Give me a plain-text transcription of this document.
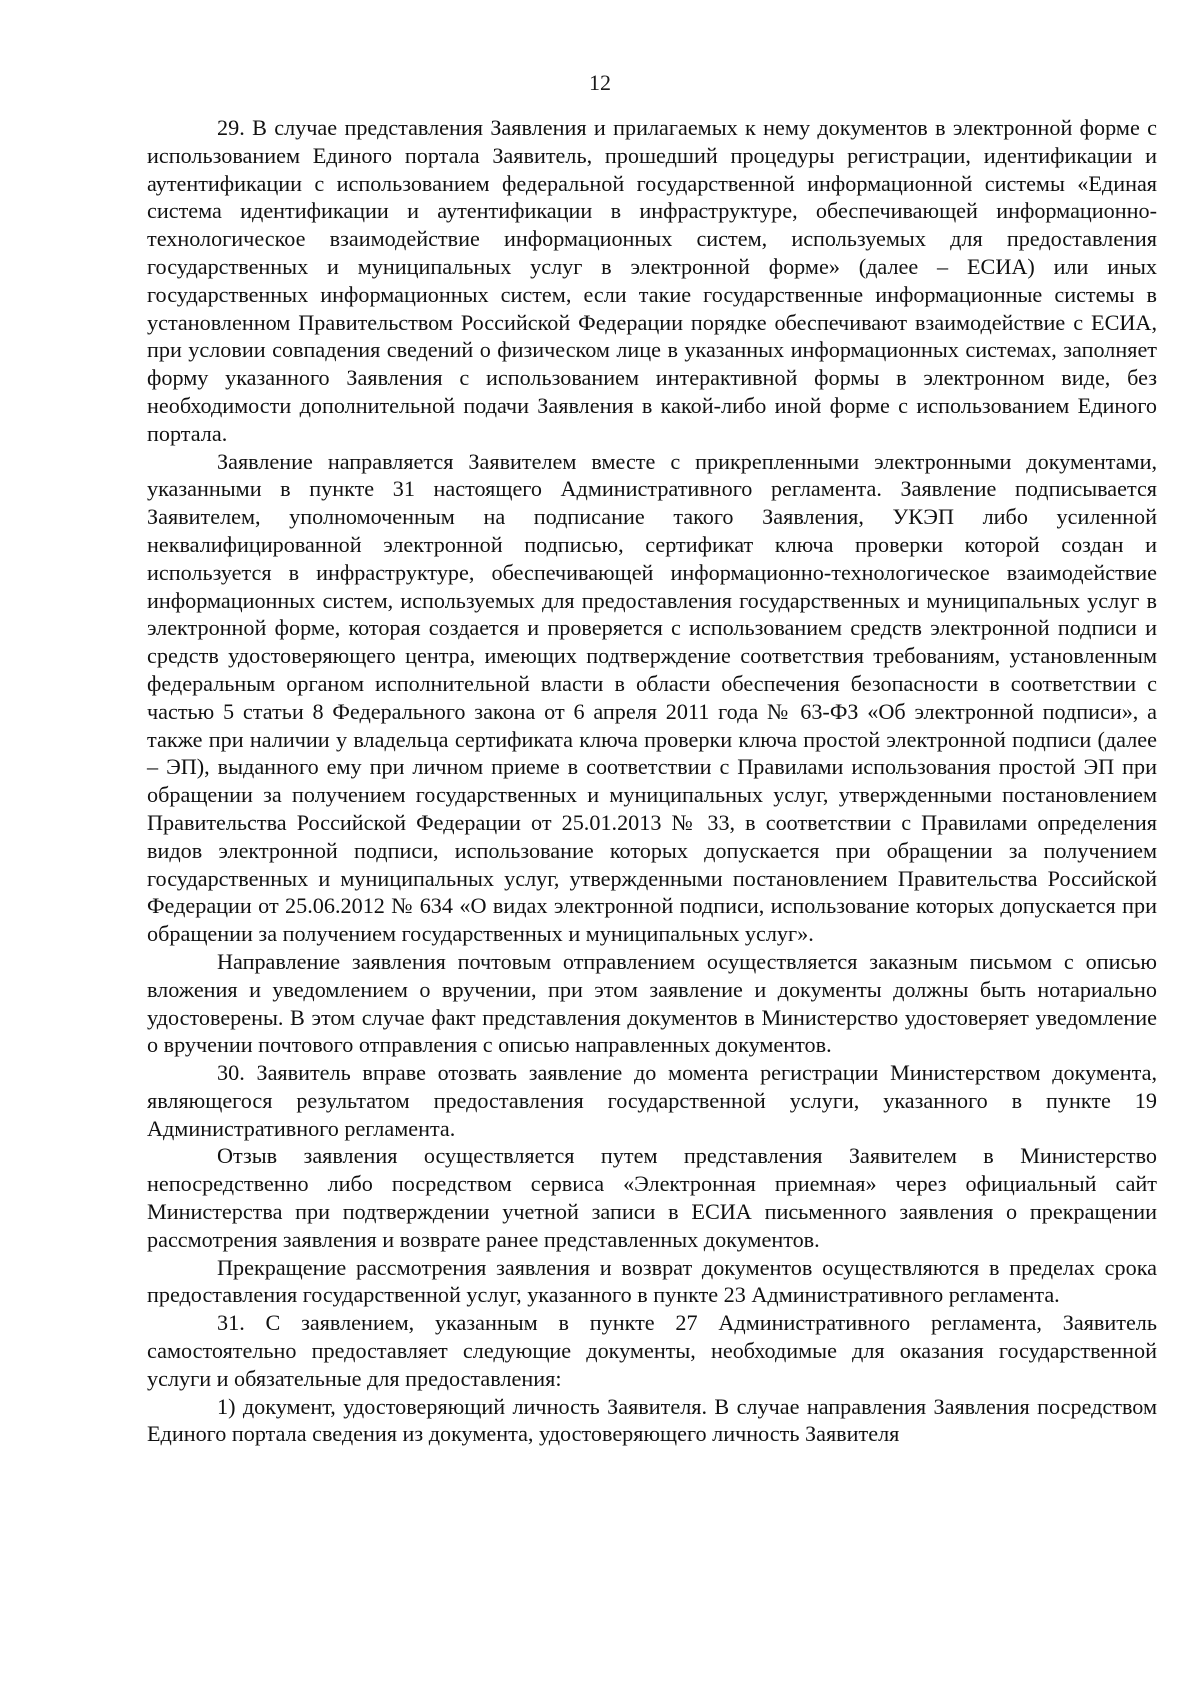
12

29. В случае представления Заявления и прилагаемых к нему документов в электронной форме с использованием Единого портала Заявитель, прошедший процедуры регистрации, идентификации и аутентификации с использованием федеральной государственной информационной системы «Единая система идентификации и аутентификации в инфраструктуре, обеспечивающей информационно-технологическое взаимодействие информационных систем, используемых для предоставления государственных и муниципальных услуг в электронной форме» (далее – ЕСИА) или иных государственных информационных систем, если такие государственные информационные системы в установленном Правительством Российской Федерации порядке обеспечивают взаимодействие с ЕСИА, при условии совпадения сведений о физическом лице в указанных информационных системах, заполняет форму указанного Заявления с использованием интерактивной формы в электронном виде, без необходимости дополнительной подачи Заявления в какой-либо иной форме с использованием Единого портала.

Заявление направляется Заявителем вместе с прикрепленными электронными документами, указанными в пункте 31 настоящего Административного регламента. Заявление подписывается Заявителем, уполномоченным на подписание такого Заявления, УКЭП либо усиленной неквалифицированной электронной подписью, сертификат ключа проверки которой создан и используется в инфраструктуре, обеспечивающей информационно-технологическое взаимодействие информационных систем, используемых для предоставления государственных и муниципальных услуг в электронной форме, которая создается и проверяется с использованием средств электронной подписи и средств удостоверяющего центра, имеющих подтверждение соответствия требованиям, установленным федеральным органом исполнительной власти в области обеспечения безопасности в соответствии с частью 5 статьи 8 Федерального закона от 6 апреля 2011 года № 63-ФЗ «Об электронной подписи», а также при наличии у владельца сертификата ключа проверки ключа простой электронной подписи (далее – ЭП), выданного ему при личном приеме в соответствии с Правилами использования простой ЭП при обращении за получением государственных и муниципальных услуг, утвержденными постановлением Правительства Российской Федерации от 25.01.2013 № 33, в соответствии с Правилами определения видов электронной подписи, использование которых допускается при обращении за получением государственных и муниципальных услуг, утвержденными постановлением Правительства Российской Федерации от 25.06.2012 № 634 «О видах электронной подписи, использование которых допускается при обращении за получением государственных и муниципальных услуг».

Направление заявления почтовым отправлением осуществляется заказным письмом с описью вложения и уведомлением о вручении, при этом заявление и документы должны быть нотариально удостоверены. В этом случае факт представления документов в Министерство удостоверяет уведомление о вручении почтового отправления с описью направленных документов.

30. Заявитель вправе отозвать заявление до момента регистрации Министерством документа, являющегося результатом предоставления государственной услуги, указанного в пункте 19 Административного регламента.

Отзыв заявления осуществляется путем представления Заявителем в Министерство непосредственно либо посредством сервиса «Электронная приемная» через официальный сайт Министерства при подтверждении учетной записи в ЕСИА письменного заявления о прекращении рассмотрения заявления и возврате ранее представленных документов.

Прекращение рассмотрения заявления и возврат документов осуществляются в пределах срока предоставления государственной услуг, указанного в пункте 23 Административного регламента.

31. С заявлением, указанным в пункте 27 Административного регламента, Заявитель самостоятельно предоставляет следующие документы, необходимые для оказания государственной услуги и обязательные для предоставления:

1) документ, удостоверяющий личность Заявителя. В случае направления Заявления посредством Единого портала сведения из документа, удостоверяющего личность Заявителя
